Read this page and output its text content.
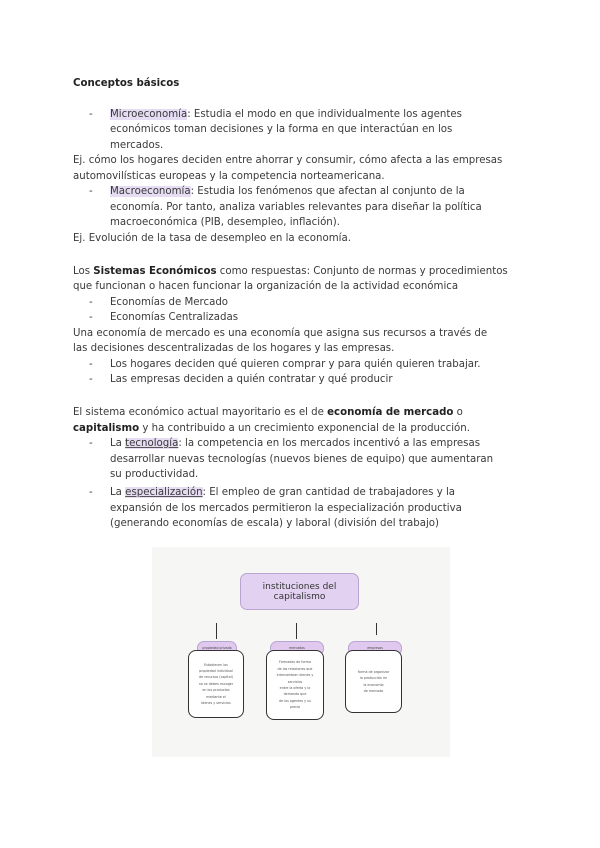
Conceptos básicos
- Microeconomía: Estudia el modo en que individualmente los agentes
económicos toman decisiones y la forma en que interactúan en los
mercados.
Ej. cómo los hogares deciden entre ahorrar y consumir, cómo afecta a las empresas
automovilísticas europeas y la competencia norteamericana.
- Macroeconomía: Estudia los fenómenos que afectan al conjunto de la
economía. Por tanto, analiza variables relevantes para diseñar la política
macroeconómica (PIB, desempleo, inflación).
Ej. Evolución de la tasa de desempleo en la economía.
Los Sistemas Económicos como respuestas: Conjunto de normas y procedimientos
que funcionan o hacen funcionar la organización de la actividad económica
- Economías de Mercado
- Economías Centralizadas
Una economía de mercado es una economía que asigna sus recursos a través de
las decisiones descentralizadas de los hogares y las empresas.
- Los hogares deciden qué quieren comprar y para quién quieren trabajar.
- Las empresas deciden a quién contratar y qué producir
El sistema económico actual mayoritario es el de economía de mercado o
capitalismo y ha contribuido a un crecimiento exponencial de la producción.
- La tecnología: la competencia en los mercados incentivó a las empresas
desarrollar nuevas tecnologías (nuevos bienes de equipo) que aumentaran
su productividad.
- La especialización: El empleo de gran cantidad de trabajadores y la
expansión de los mercados permitieron la especialización productiva
(generando economías de escala) y laboral (división del trabajo)
instituciones del capitalismo
propiedad privada	mercados	empresas
Establecen las
propiedad individual
de recursos (capital)
no se deben escoger
en los productos
mediante el
bienes y servicios
Formadas de forma
de las relaciones que
intercambian bienes y
servicios
entre la oferta y la
demanda que
de los agentes y su
precio
forma de organizar
la producción en
la economía
de mercado
